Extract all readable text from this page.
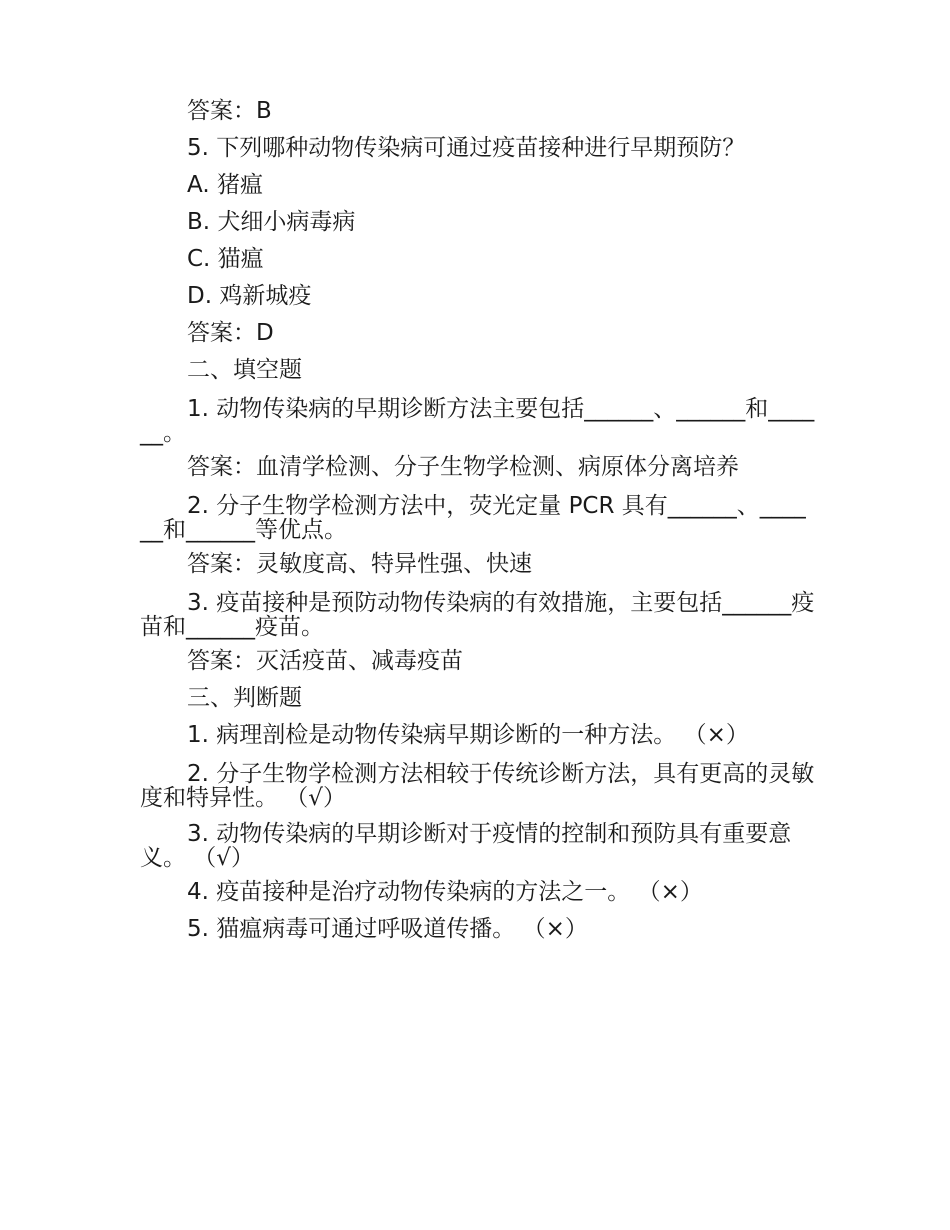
答案：B

5. 下列哪种动物传染病可通过疫苗接种进行早期预防？

A. 猪瘟

B. 犬细小病毒病

C. 猫瘟

D. 鸡新城疫

答案：D

二、填空题

1. 动物传染病的早期诊断方法主要包括______、______和______。

答案：血清学检测、分子生物学检测、病原体分离培养

2. 分子生物学检测方法中，荧光定量 PCR 具有______、______和______等优点。

答案：灵敏度高、特异性强、快速

3. 疫苗接种是预防动物传染病的有效措施，主要包括______疫苗和______疫苗。

答案：灭活疫苗、减毒疫苗

三、判断题

1. 病理剖检是动物传染病早期诊断的一种方法。 （×）

2. 分子生物学检测方法相较于传统诊断方法，具有更高的灵敏度和特异性。 （√）

3. 动物传染病的早期诊断对于疫情的控制和预防具有重要意义。 （√）

4. 疫苗接种是治疗动物传染病的方法之一。 （×）

5. 猫瘟病毒可通过呼吸道传播。 （×）
